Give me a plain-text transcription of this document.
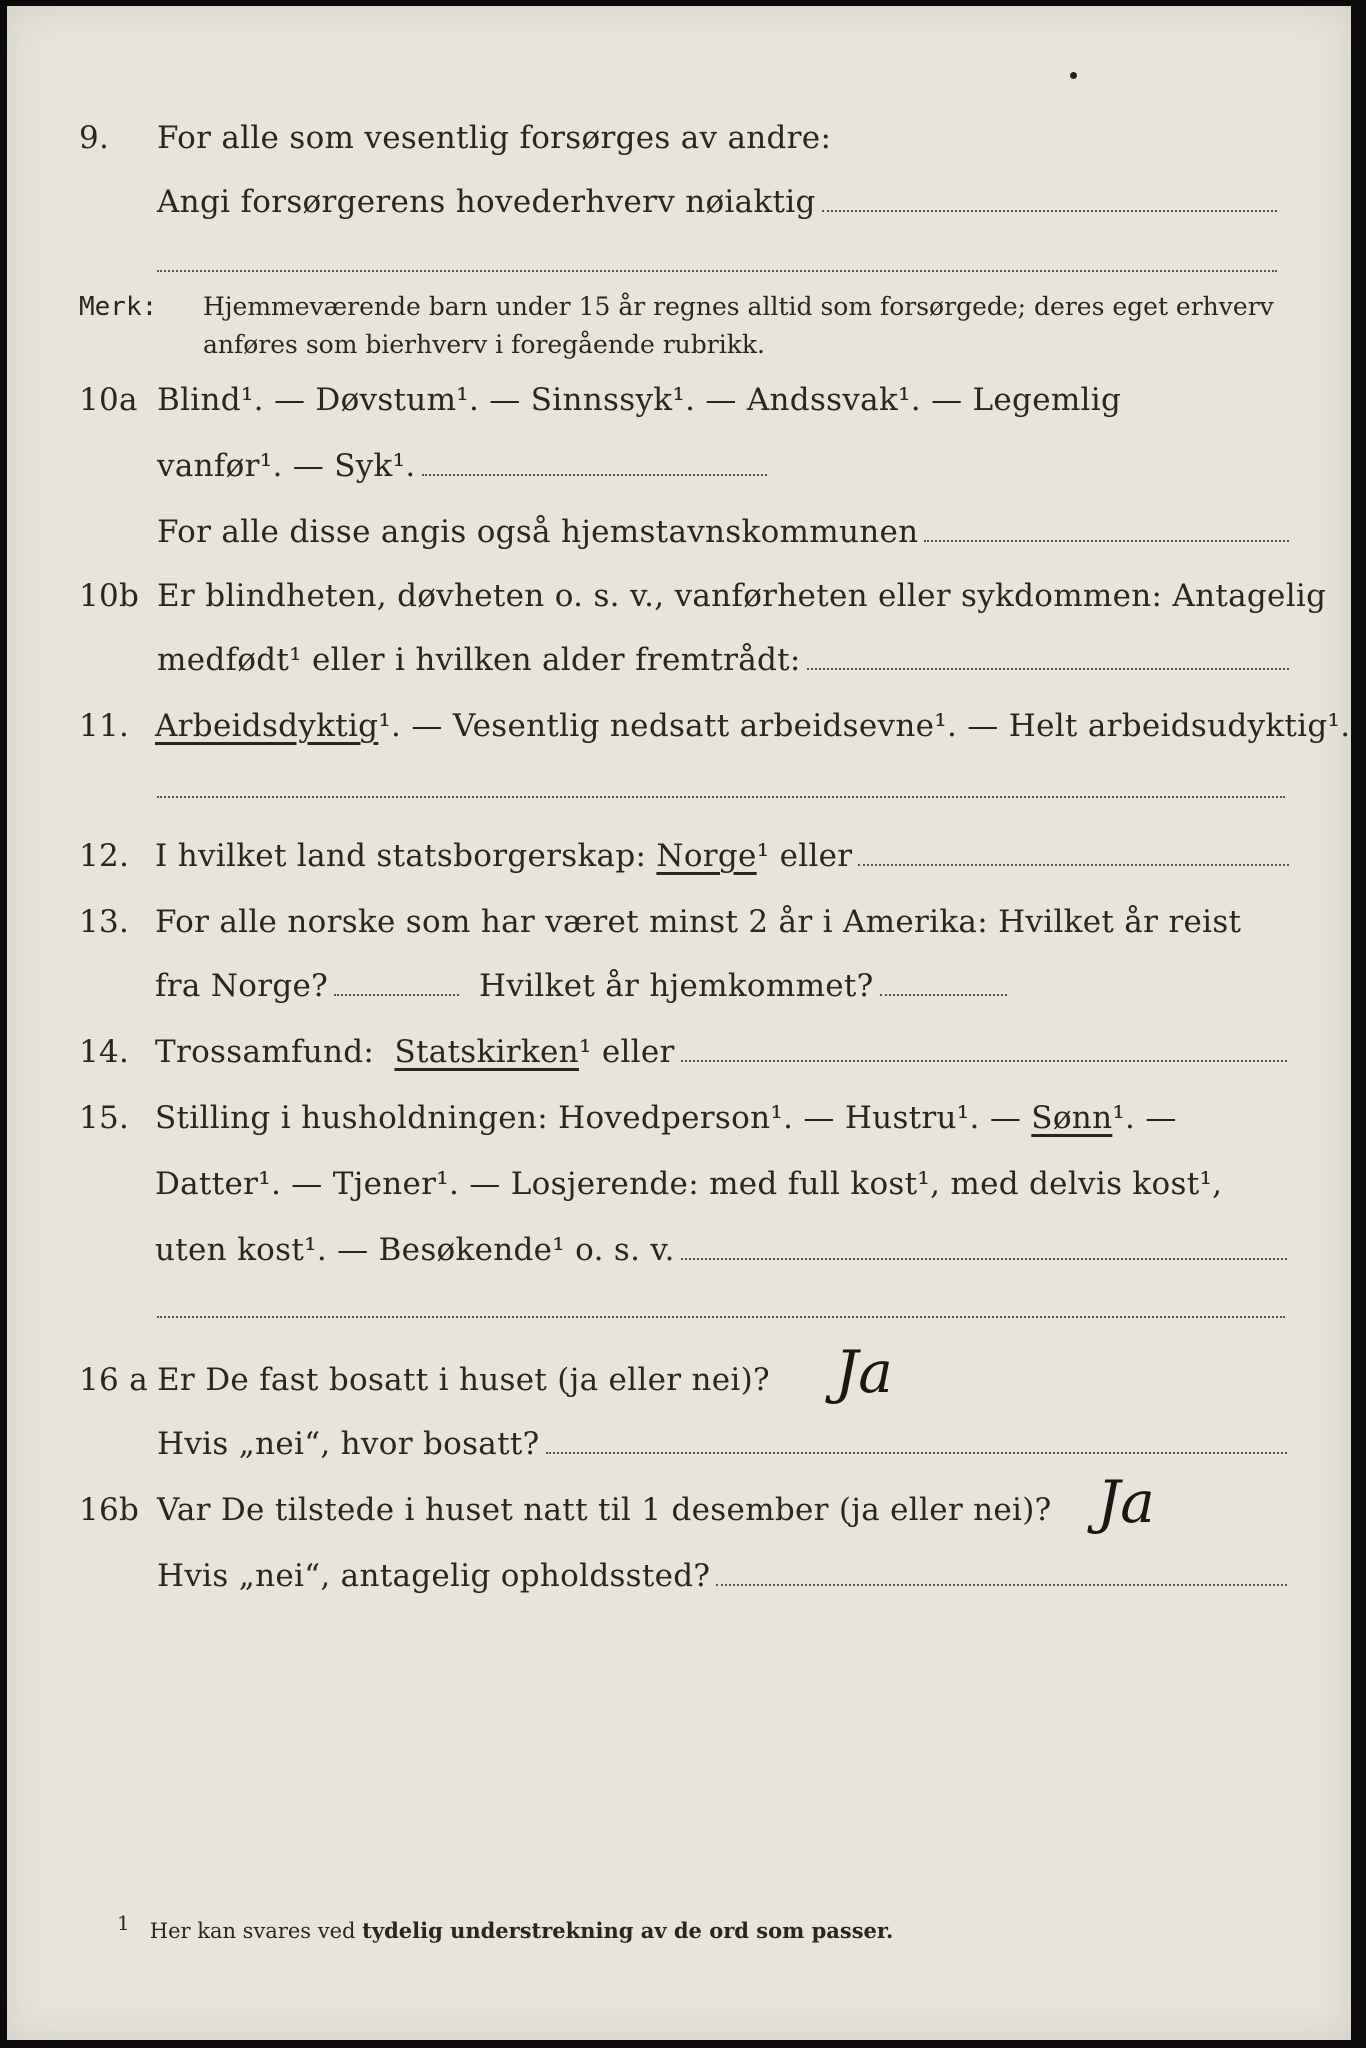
9. For alle som vesentlig forsørges av andre:
Angi forsørgerens hovederhverv nøiaktig
Merk: Hjemmeværende barn under 15 år regnes alltid som forsørgede; deres eget erhverv anføres som bierhverv i foregående rubrikk.
10a Blind¹. — Døvstum¹. — Sinnssyk¹. — Andssvak¹. — Legemlig
vanfør¹. — Syk¹.
For alle disse angis også hjemstavnskommunen
10b Er blindheten, døvheten o. s. v., vanførheten eller sykdommen: Antagelig
medfødt¹ eller i hvilken alder fremtrådt:
11. Arbeidsdyktig ¹. — Vesentlig nedsatt arbeidsevne¹. — Helt arbeidsudyktig¹.
12. I hvilket land statsborgerskap:
Norge ¹ eller
13. For alle norske som har været minst 2 år i Amerika: Hvilket år reist
fra Norge?	Hvilket år hjemkommet?
14. Trossamfund:
Statskirken ¹ eller
15. Stilling i husholdningen: Hovedperson¹. — Hustru¹. —
Sønn ¹. —
Datter¹. — Tjener¹. — Losjerende: med full kost¹, med delvis kost¹,
uten kost¹. — Besøkende¹ o. s. v.
16 a Er De fast bosatt i huset (ja eller nei)? Ja
Hvis „nei“, hvor bosatt?
16b Var De tilstede i huset natt til 1 desember (ja eller nei)? Ja
Hvis „nei“, antagelig opholdssted?
1 Her kan svares ved tydelig understrekning av de ord som passer.
